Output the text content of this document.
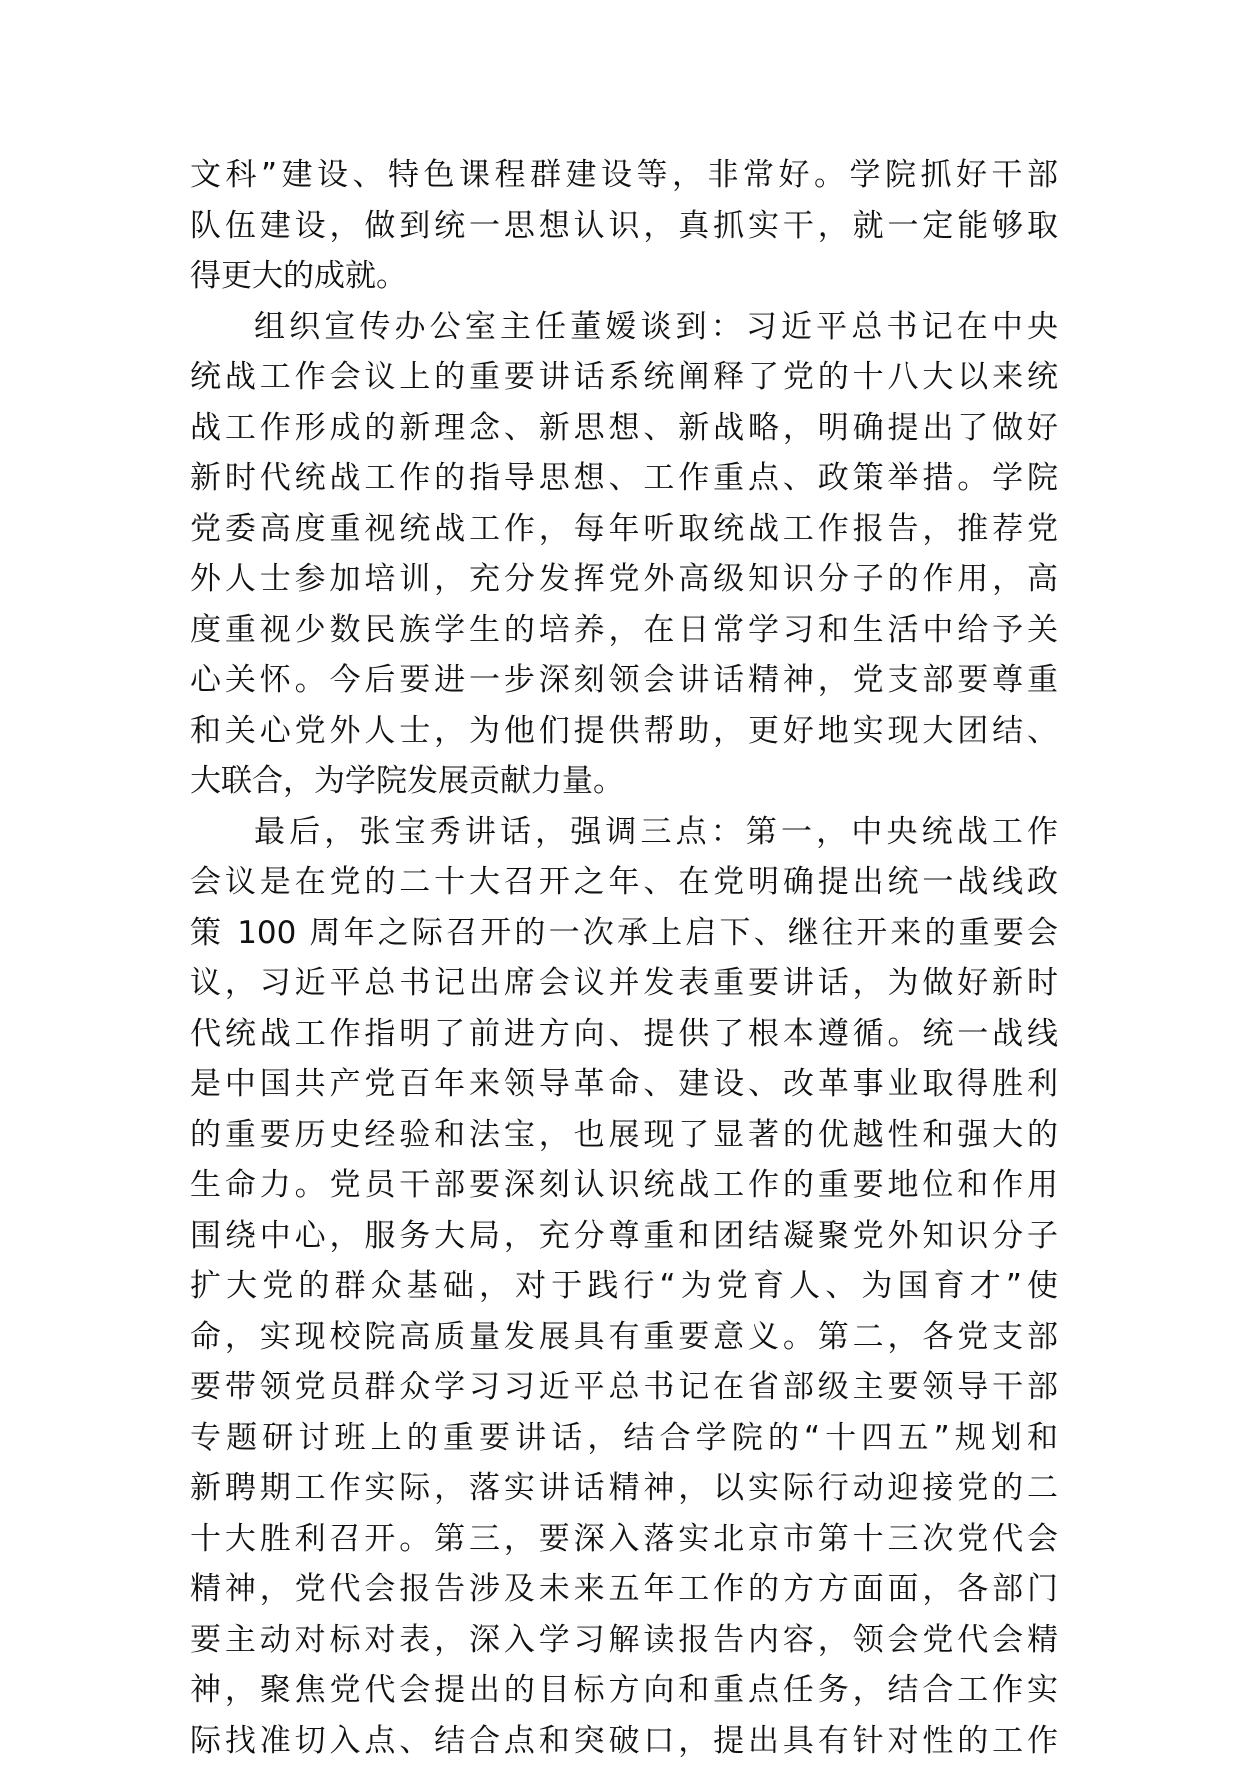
文科”建设、特色课程群建设等，非常好。学院抓好干部
队伍建设，做到统一思想认识，真抓实干，就一定能够取
得更大的成就。
组织宣传办公室主任董嫒谈到：习近平总书记在中央
统战工作会议上的重要讲话系统阐释了党的十八大以来统
战工作形成的新理念、新思想、新战略，明确提出了做好
新时代统战工作的指导思想、工作重点、政策举措。学院
党委高度重视统战工作，每年听取统战工作报告，推荐党
外人士参加培训，充分发挥党外高级知识分子的作用，高
度重视少数民族学生的培养，在日常学习和生活中给予关
心关怀。今后要进一步深刻领会讲话精神，党支部要尊重
和关心党外人士，为他们提供帮助，更好地实现大团结、
大联合，为学院发展贡献力量。
最后，张宝秀讲话，强调三点：第一，中央统战工作
会议是在党的二十大召开之年、在党明确提出统一战线政
策 100 周年之际召开的一次承上启下、继往开来的重要会
议，习近平总书记出席会议并发表重要讲话，为做好新时
代统战工作指明了前进方向、提供了根本遵循。统一战线
是中国共产党百年来领导革命、建设、改革事业取得胜利
的重要历史经验和法宝，也展现了显著的优越性和强大的
生命力。党员干部要深刻认识统战工作的重要地位和作用
围绕中心，服务大局，充分尊重和团结凝聚党外知识分子
扩大党的群众基础，对于践行“为党育人、为国育才”使
命，实现校院高质量发展具有重要意义。第二，各党支部
要带领党员群众学习习近平总书记在省部级主要领导干部
专题研讨班上的重要讲话，结合学院的“十四五”规划和
新聘期工作实际，落实讲话精神，以实际行动迎接党的二
十大胜利召开。第三，要深入落实北京市第十三次党代会
精神，党代会报告涉及未来五年工作的方方面面，各部门
要主动对标对表，深入学习解读报告内容，领会党代会精
神，聚焦党代会提出的目标方向和重点任务，结合工作实
际找准切入点、结合点和突破口，提出具有针对性的工作
